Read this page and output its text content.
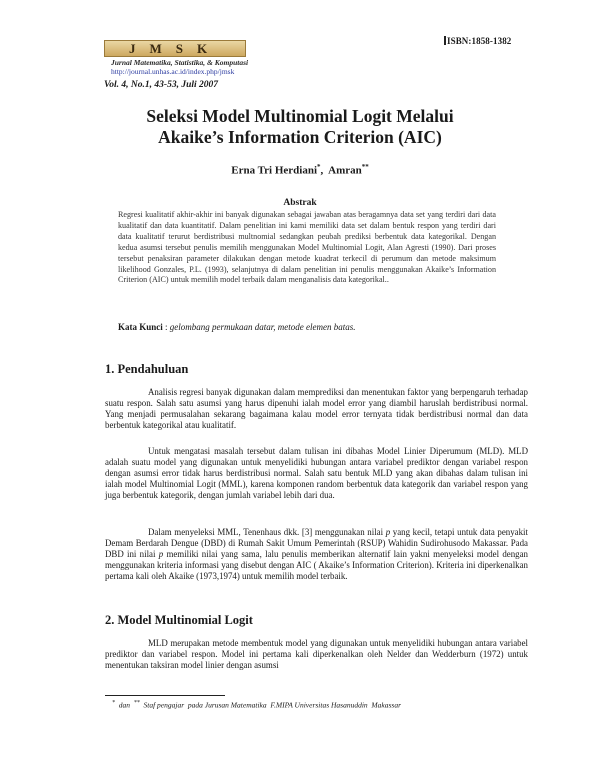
ISBN:1858-1382
JMSK
Jurnal Matematika, Statistika, & Komputasi
http://journal.unhas.ac.id/index.php/jmsk
Vol. 4, No.1, 43-53, Juli 2007
Seleksi Model Multinomial Logit Melalui
Akaike’s Information Criterion (AIC)
Erna Tri Herdiani*,  Amran**
Abstrak
Regresi kualitatif akhir-akhir ini banyak digunakan sebagai jawaban atas beragamnya data set yang terdiri dari data kualitatif dan data kuantitatif. Dalam penelitian ini kami memiliki data set dalam bentuk respon yang terdiri dari data kualitatif terurut berdistribusi multnomial sedangkan peubah prediksi berbentuk data kategorikal. Dengan kedua asumsi tersebut penulis memilih menggunakan Model Multinomial Logit, Alan Agresti (1990). Dari proses tersebut penaksiran parameter dilakukan dengan metode kuadrat terkecil di perumum dan metode maksimum likelihood Gonzales, P.L. (1993), selanjutnya di dalam penelitian ini penulis menggunakan Akaike’s Information Criterion (AIC) untuk memilih model terbaik dalam menganalisis data kategorikal..
Kata Kunci : gelombang permukaan datar, metode elemen batas.
1. Pendahuluan

Analisis regresi banyak digunakan dalam memprediksi dan menentukan faktor yang berpengaruh terhadap suatu respon. Salah satu asumsi yang harus dipenuhi ialah model error yang diambil haruslah berdistribusi normal. Yang menjadi permusalahan sekarang bagaimana kalau model error ternyata tidak berdistribusi normal dan data berbentuk kategorikal atau kualitatif.

Untuk mengatasi masalah tersebut dalam tulisan ini dibahas Model Linier Diperumum (MLD). MLD adalah suatu model yang digunakan untuk menyelidiki hubungan antara variabel prediktor dengan variabel respon dengan asumsi error tidak harus berdistribusi normal. Salah satu bentuk MLD yang akan dibahas dalam tulisan ini ialah model Multinomial Logit (MML), karena komponen random berbentuk data kategorik dan variabel respon yang juga berbentuk kategorik, dengan jumlah variabel lebih dari dua.

Dalam menyeleksi MML, Tenenhaus dkk. [3] menggunakan nilai p yang kecil, tetapi untuk data penyakit Demam Berdarah Dengue (DBD) di Rumah Sakit Umum Pemerintah (RSUP) Wahidin Sudirohusodo Makassar. Pada DBD ini nilai p memiliki nilai yang sama, lalu penulis memberikan alternatif lain yakni menyeleksi model dengan menggunakan kriteria informasi yang disebut dengan AIC ( Akaike’s Information Criterion). Kriteria ini diperkenalkan pertama kali oleh Akaike (1973,1974) untuk memilih model terbaik.

2. Model Multinomial Logit

MLD merupakan metode membentuk model yang digunakan untuk menyelidiki hubungan antara variabel prediktor dan variabel respon. Model ini pertama kali diperkenalkan oleh Nelder dan Wedderburn (1972) untuk menentukan taksiran model linier dengan asumsi

*  dan  **  Staf pengajar  pada Jurusan Matematika  F.MIPA Universitas Hasanuddin  Makassar
